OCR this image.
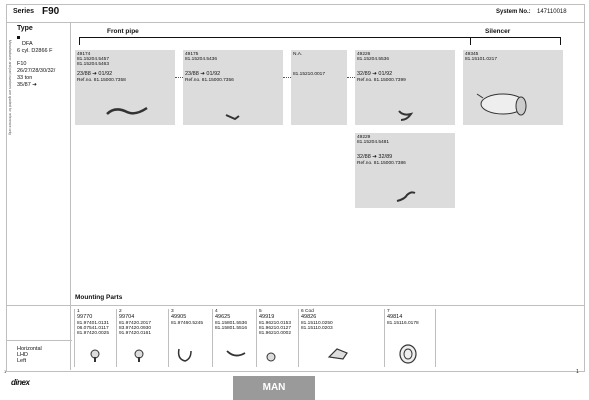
Series F90	System No.: 147110018
Manufacturer and part numbers are quoted for reference only
Type
DFA
6 cyl. D2866 F
F10
26/27/28/30/32/
33 ton
35/87 ➔
Horizontal
LHD
Left
Front pipe	Silencer
49174
81.15204.5457
81.15204.5463
23/88 ➔ 01/92
Ref.no. 81.15000.7358
49175
81.15204.5436
23/88 ➔ 01/92
Ref.no. 81.15000.7356
N.A.
81.15210.0017
49226
81.15204.5536
32/89 ➔ 01/92
Ref.no. 81.15000.7399
49345
81.15101.0217
49229
81.15204.5481
32/88 ➔ 32/89
Ref.no. 81.15000.7386
Mounting Parts
1
99770
81.97401.0131
06.07541.0117
81.97420.0025
2
99704
81.97420.2017
83.97420.0930
91.97420.0161
3
49905
81.97460.5245
4
49625
81.15801.5536
81.15801.5516
5
49919
81.96210.0153
81.96210.0127
81.96210.0002
6 Cod
49826
81.15110.0250
81.15110.0203
7
49814
81.15116.0178
1	1
dinex	MAN
